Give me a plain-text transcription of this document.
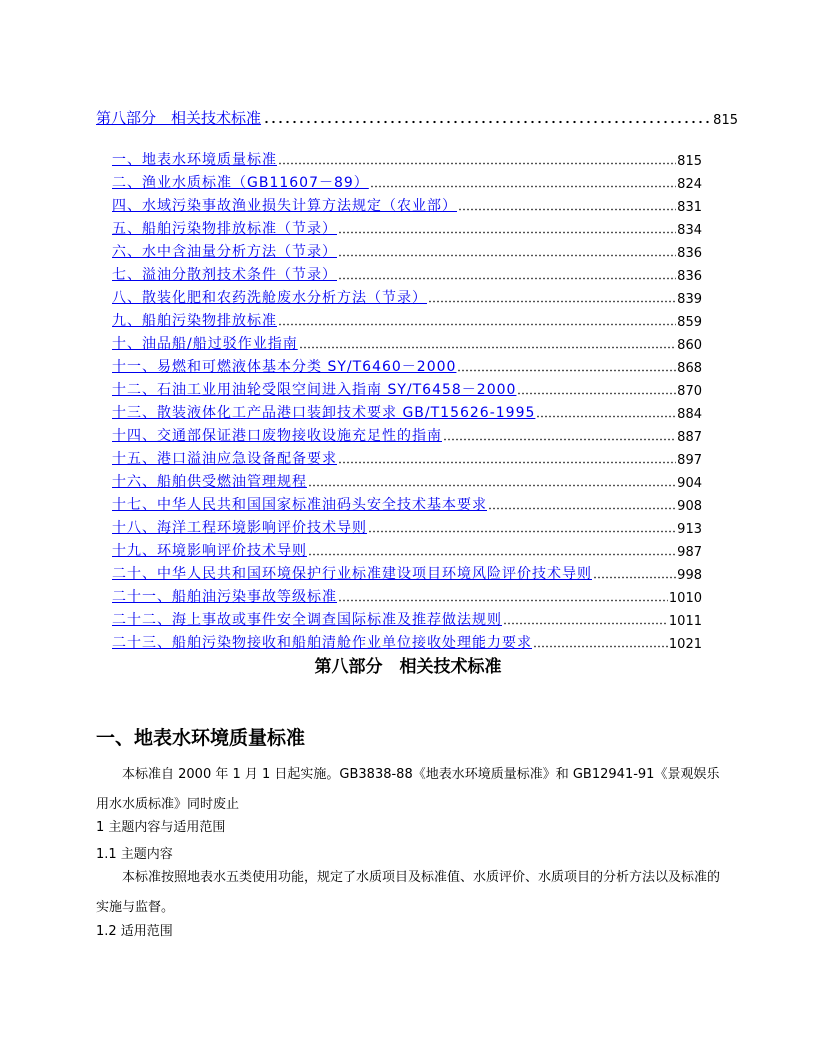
第八部分　相关技术标准	815
一、地表水环境质量标准	815
二、渔业水质标准（GB11607－89）	824
四、水域污染事故渔业损失计算方法规定（农业部）	831
五、船舶污染物排放标准（节录）	834
六、水中含油量分析方法（节录）	836
七、溢油分散剂技术条件（节录）	836
八、散装化肥和农药洗舱废水分析方法（节录）	839
九、船舶污染物排放标准	859
十、油品船/船过驳作业指南	860
十一、易燃和可燃液体基本分类 SY/T6460－2000	868
十二、石油工业用油轮受限空间进入指南 SY/T6458－2000	870
十三、散装液体化工产品港口装卸技术要求 GB/T15626-1995	884
十四、交通部保证港口废物接收设施充足性的指南	887
十五、港口溢油应急设备配备要求	897
十六、船舶供受燃油管理规程	904
十七、中华人民共和国国家标准油码头安全技术基本要求	908
十八、海洋工程环境影响评价技术导则	913
十九、环境影响评价技术导则	987
二十、中华人民共和国环境保护行业标准建设项目环境风险评价技术导则	998
二十一、船舶油污染事故等级标准	1010
二十二、海上事故或事件安全调查国际标准及推荐做法规则	1011
二十三、船舶污染物接收和船舶清舱作业单位接收处理能力要求	1021
第八部分　相关技术标准
一、地表水环境质量标准
本标准自 2000 年 1 月 1 日起实施。GB3838-88《地表水环境质量标准》和 GB12941-91《景观娱乐用水水质标准》同时废止
1 主题内容与适用范围
1.1 主题内容
本标准按照地表水五类使用功能，规定了水质项目及标准值、水质评价、水质项目的分析方法以及标准的实施与监督。
1.2 适用范围
